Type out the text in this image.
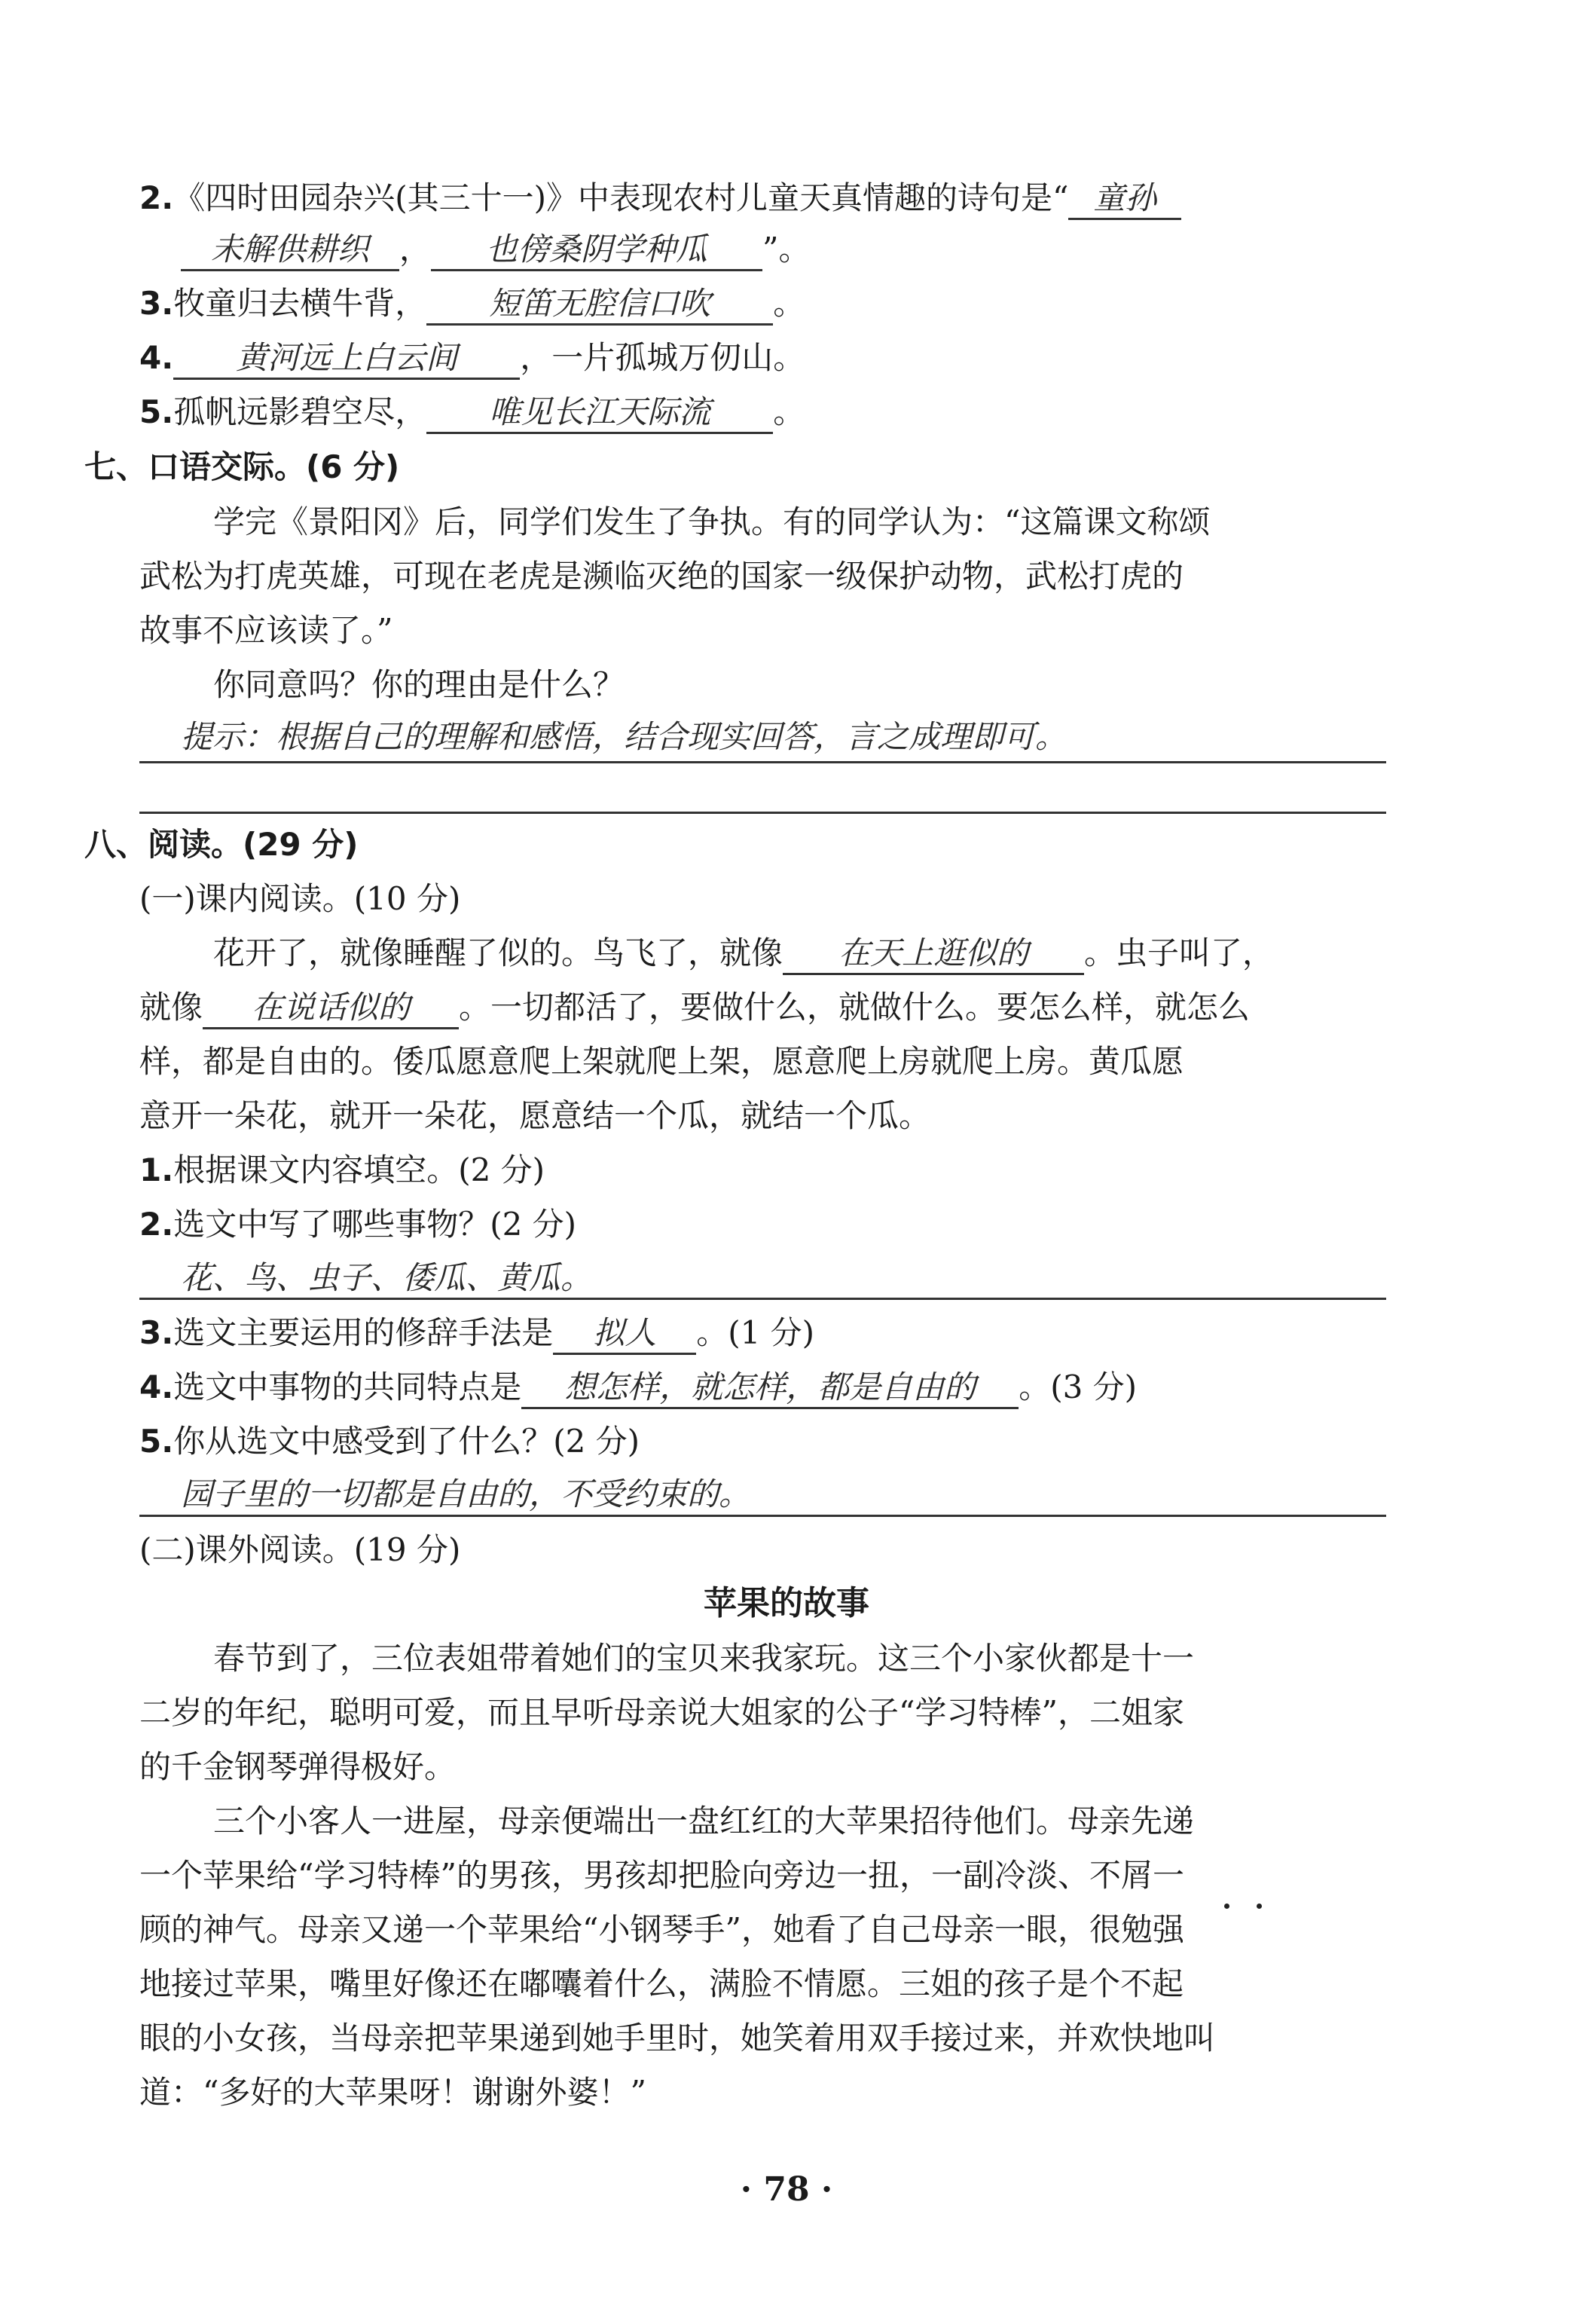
2.《四时田园杂兴(其三十一)》中表现农村儿童天真情趣的诗句是“ 童孙
未解供耕织 ， 也傍桑阴学种瓜 ”。
3.牧童归去横牛背， 短笛无腔信口吹 。
4. 黄河远上白云间 ，一片孤城万仞山。
5.孤帆远影碧空尽， 唯见长江天际流 。
七、口语交际。(6 分)
学完《景阳冈》后，同学们发生了争执。有的同学认为：“这篇课文称颂
武松为打虎英雄，可现在老虎是濒临灭绝的国家一级保护动物，武松打虎的
故事不应该读了。”
你同意吗？你的理由是什么？
提示：根据自己的理解和感悟，结合现实回答，言之成理即可。
八、阅读。(29 分)
(一)课内阅读。(10 分)
花开了，就像睡醒了似的。鸟飞了，就像 在天上逛似的 。虫子叫了，
就像 在说话似的 。一切都活了，要做什么，就做什么。要怎么样，就怎么
样，都是自由的。倭瓜愿意爬上架就爬上架，愿意爬上房就爬上房。黄瓜愿
意开一朵花，就开一朵花，愿意结一个瓜，就结一个瓜。
1.根据课文内容填空。(2 分)
2.选文中写了哪些事物？(2 分)
花、鸟、虫子、倭瓜、黄瓜。
3.选文主要运用的修辞手法是 拟人 。(1 分)
4.选文中事物的共同特点是 想怎样，就怎样，都是自由的 。(3 分)
5.你从选文中感受到了什么？(2 分)
园子里的一切都是自由的，不受约束的。
(二)课外阅读。(19 分)
苹果的故事
春节到了，三位表姐带着她们的宝贝来我家玩。这三个小家伙都是十一
二岁的年纪，聪明可爱，而且早听母亲说大姐家的公子“学习特棒”，二姐家
的千金钢琴弹得极好。
三个小客人一进屋，母亲便端出一盘红红的大苹果招待他们。母亲先递
一个苹果给“学习特棒”的男孩，男孩却把脸向旁边一扭，一副冷淡、不屑一
顾的神气。母亲又递一个苹果给“小钢琴手”，她看了自己母亲一眼，很勉强
地接过苹果，嘴里好像还在嘟囔着什么，满脸不情愿。三姐的孩子是个不起
眼的小女孩，当母亲把苹果递到她手里时，她笑着用双手接过来，并欢快地叫
道：“多好的大苹果呀！谢谢外婆！”
· 78 ·
